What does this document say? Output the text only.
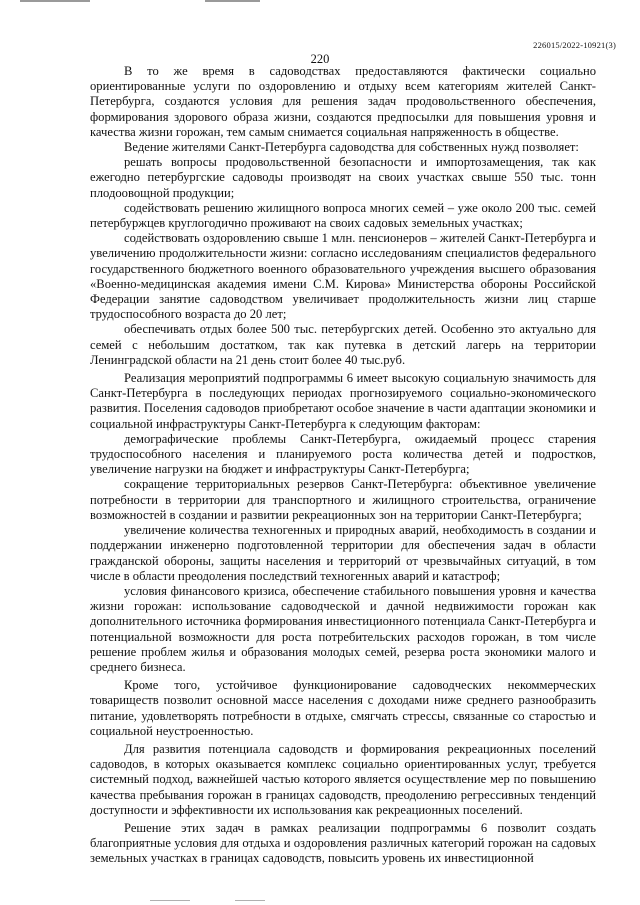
226015/2022-10921(3)
220

В то же время в садоводствах предоставляются фактически социально ориентированные услуги по оздоровлению и отдыху всем категориям жителей Санкт-Петербурга, создаются условия для решения задач продовольственного обеспечения, формирования здорового образа жизни, создаются предпосылки для повышения уровня и качества жизни горожан, тем самым снимается социальная напряженность в обществе.

Ведение жителями Санкт-Петербурга садоводства для собственных нужд позволяет:

решать вопросы продовольственной безопасности и импортозамещения, так как ежегодно петербургские садоводы производят на своих участках свыше 550 тыс. тонн плодоовощной продукции;

содействовать решению жилищного вопроса многих семей – уже около 200 тыс. семей петербуржцев круглогодично проживают на своих садовых земельных участках;

содействовать оздоровлению свыше 1 млн. пенсионеров – жителей Санкт-Петербурга и увеличению продолжительности жизни: согласно исследованиям специалистов федерального государственного бюджетного военного образовательного учреждения высшего образования «Военно-медицинская академия имени С.М. Кирова» Министерства обороны Российской Федерации занятие садоводством увеличивает продолжительность жизни лиц старше трудоспособного возраста до 20 лет;

обеспечивать отдых более 500 тыс. петербургских детей. Особенно это актуально для семей с небольшим достатком, так как путевка в детский лагерь на территории Ленинградской области на 21 день стоит более 40 тыс.руб.

Реализация мероприятий подпрограммы 6 имеет высокую социальную значимость для Санкт-Петербурга в последующих периодах прогнозируемого социально-экономического развития. Поселения садоводов приобретают особое значение в части адаптации экономики и социальной инфраструктуры Санкт-Петербурга к следующим факторам:

демографические проблемы Санкт-Петербурга, ожидаемый процесс старения трудоспособного населения и планируемого роста количества детей и подростков, увеличение нагрузки на бюджет и инфраструктуры Санкт-Петербурга;

сокращение территориальных резервов Санкт-Петербурга: объективное увеличение потребности в территории для транспортного и жилищного строительства, ограничение возможностей в создании и развитии рекреационных зон на территории Санкт-Петербурга;

увеличение количества техногенных и природных аварий, необходимость в создании и поддержании инженерно подготовленной территории для обеспечения задач в области гражданской обороны, защиты населения и территорий от чрезвычайных ситуаций, в том числе в области преодоления последствий техногенных аварий и катастроф;

условия финансового кризиса, обеспечение стабильного повышения уровня и качества жизни горожан: использование садоводческой и дачной недвижимости горожан как дополнительного источника формирования инвестиционного потенциала Санкт-Петербурга и потенциальной возможности для роста потребительских расходов горожан, в том числе решение проблем жилья и образования молодых семей, резерва роста экономики малого и среднего бизнеса.

Кроме того, устойчивое функционирование садоводческих некоммерческих товариществ позволит основной массе населения с доходами ниже среднего разнообразить питание, удовлетворять потребности в отдыхе, смягчать стрессы, связанные со старостью и социальной неустроенностью.

Для развития потенциала садоводств и формирования рекреационных поселений садоводов, в которых оказывается комплекс социально ориентированных услуг, требуется системный подход, важнейшей частью которого является осуществление мер по повышению качества пребывания горожан в границах садоводств, преодолению регрессивных тенденций доступности и эффективности их использования как рекреационных поселений.

Решение этих задач в рамках реализации подпрограммы 6 позволит создать благоприятные условия для отдыха и оздоровления различных категорий горожан на садовых земельных участках в границах садоводств, повысить уровень их инвестиционной
